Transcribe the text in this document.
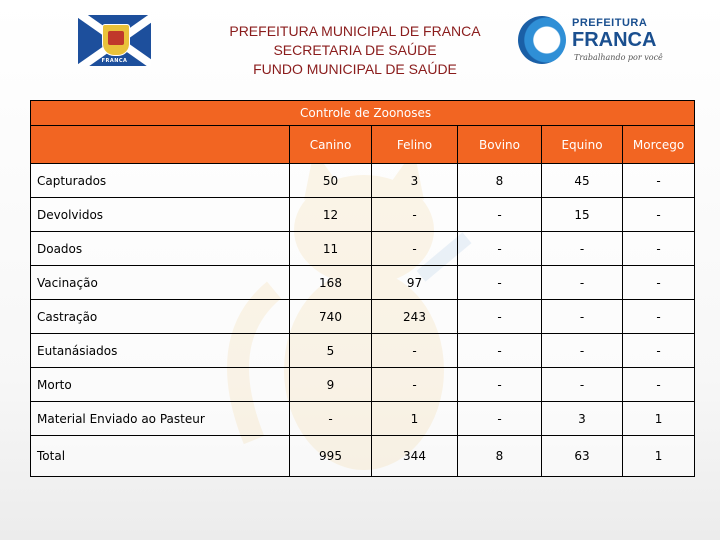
FRANCA
PREFEITURA MUNICIPAL DE FRANCA
SECRETARIA DE SAÚDE
FUNDO MUNICIPAL DE SAÚDE
PREFEITURA
FRANCA
Trabalhando por você
Controle de Zoonoses					
	Canino	Felino	Bovino	Equino	Morcego
Capturados	50	3	8	45	-
Devolvidos	12	-	-	15	-
Doados	11	-	-	-	-
Vacinação	168	97	-	-	-
Castração	740	243	-	-	-
Eutanásiados	5	-	-	-	-
Morto	9	-	-	-	-
Material Enviado ao Pasteur	-	1	-	3	1
Total	995	344	8	63	1
